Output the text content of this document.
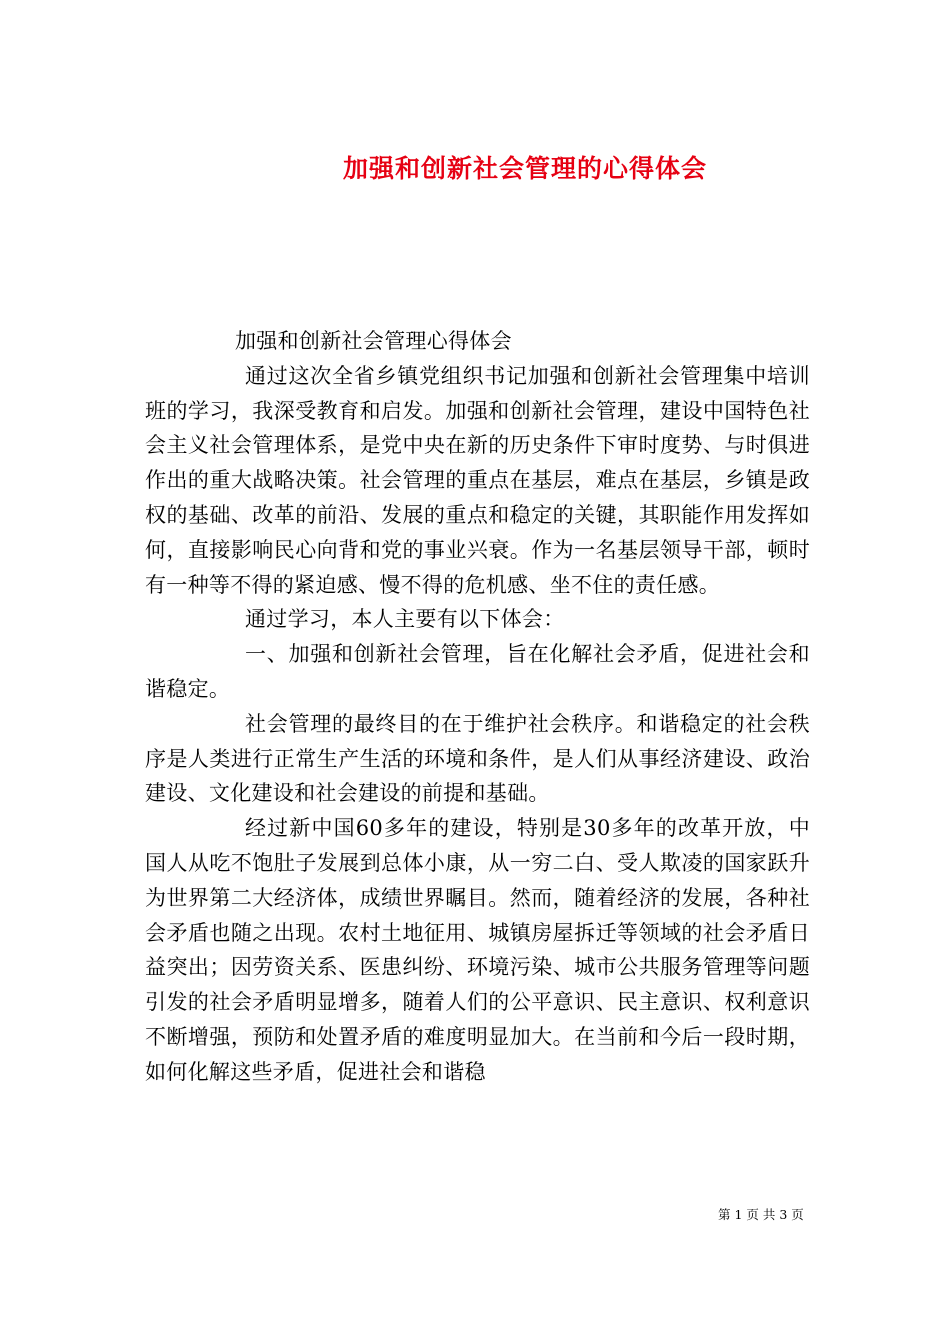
加强和创新社会管理的心得体会

加强和创新社会管理心得体会

通过这次全省乡镇党组织书记加强和创新社会管理集中培训班的学习，我深受教育和启发。加强和创新社会管理，建设中国特色社会主义社会管理体系，是党中央在新的历史条件下审时度势、与时俱进作出的重大战略决策。社会管理的重点在基层，难点在基层，乡镇是政权的基础、改革的前沿、发展的重点和稳定的关键，其职能作用发挥如何，直接影响民心向背和党的事业兴衰。作为一名基层领导干部，顿时有一种等不得的紧迫感、慢不得的危机感、坐不住的责任感。

通过学习，本人主要有以下体会：

一、加强和创新社会管理，旨在化解社会矛盾，促进社会和谐稳定。

社会管理的最终目的在于维护社会秩序。和谐稳定的社会秩序是人类进行正常生产生活的环境和条件，是人们从事经济建设、政治建设、文化建设和社会建设的前提和基础。

经过新中国60多年的建设，特别是30多年的改革开放，中国人从吃不饱肚子发展到总体小康，从一穷二白、受人欺凌的国家跃升为世界第二大经济体，成绩世界瞩目。然而，随着经济的发展，各种社会矛盾也随之出现。农村土地征用、城镇房屋拆迁等领域的社会矛盾日益突出；因劳资关系、医患纠纷、环境污染、城市公共服务管理等问题引发的社会矛盾明显增多，随着人们的公平意识、民主意识、权利意识不断增强，预防和处置矛盾的难度明显加大。在当前和今后一段时期，如何化解这些矛盾，促进社会和谐稳

第 1 页 共 3 页
